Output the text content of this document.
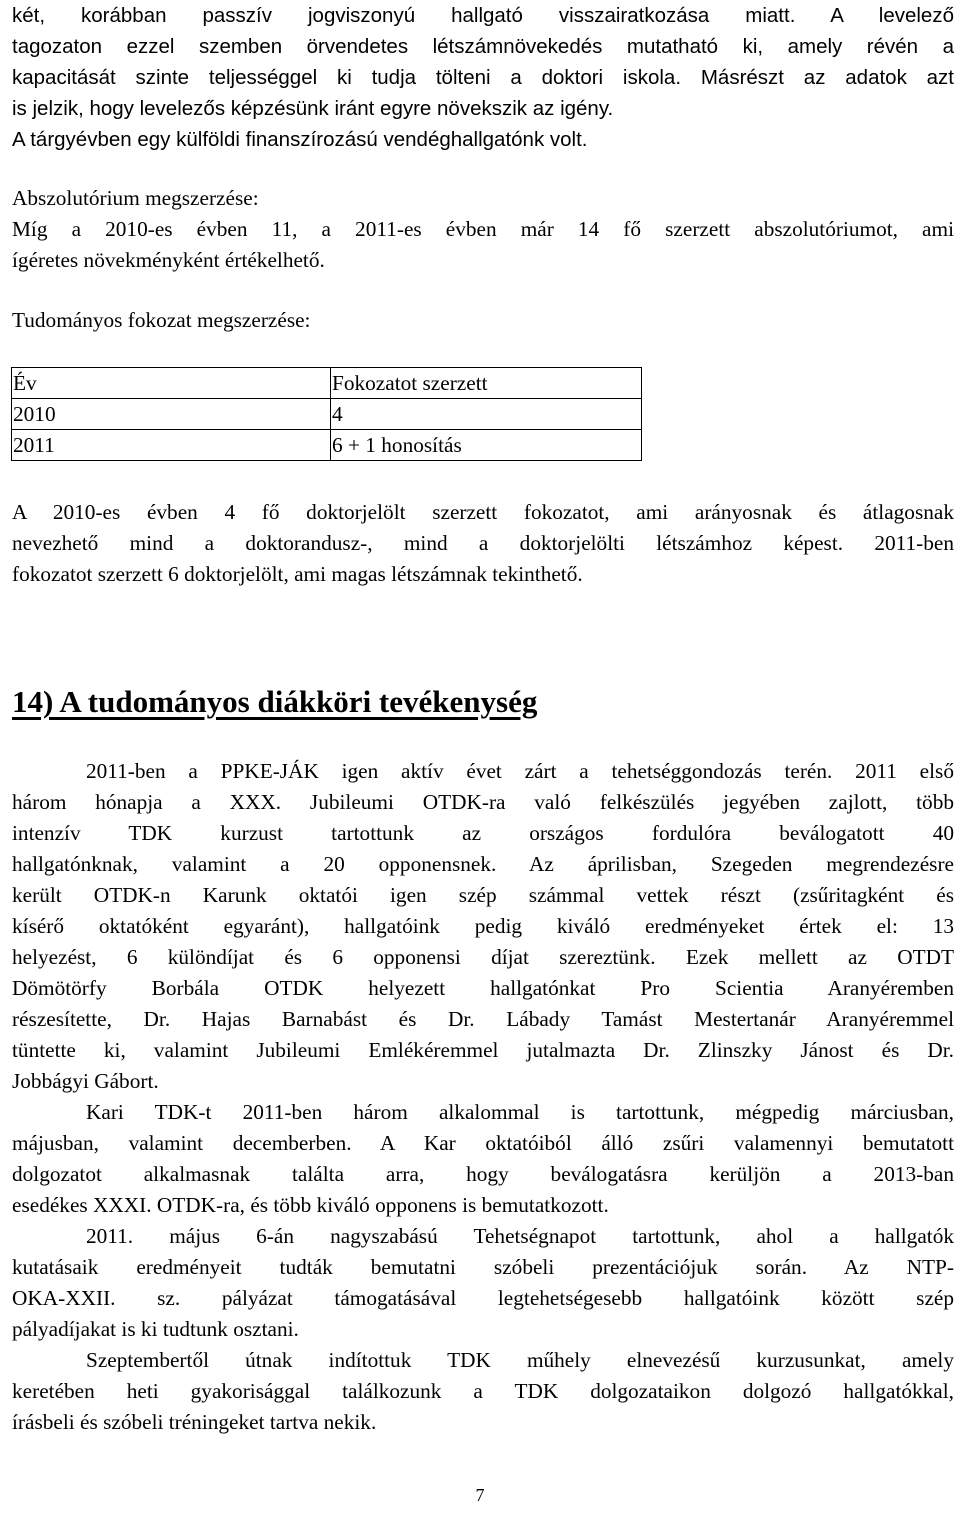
két, korábban passzív jogviszonyú hallgató visszairatkozása miatt. A levelező

tagozaton ezzel szemben örvendetes létszámnövekedés mutatható ki, amely révén a

kapacitását szinte teljességgel ki tudja tölteni a doktori iskola. Másrészt az adatok azt

is jelzik, hogy levelezős képzésünk iránt egyre növekszik az igény.

A tárgyévben egy külföldi finanszírozású vendéghallgatónk volt.

Abszolutórium megszerzése:

Míg a 2010-es évben 11, a 2011-es évben már 14 fő szerzett abszolutóriumot, ami

ígéretes növekményként értékelhető.

Tudományos fokozat megszerzése:

Év	Fokozatot szerzett
2010	4
2011	6 + 1 honosítás

A 2010-es évben 4 fő doktorjelölt szerzett fokozatot, ami arányosnak és átlagosnak

nevezhető mind a doktorandusz-, mind a doktorjelölti létszámhoz képest. 2011-ben

fokozatot szerzett 6 doktorjelölt, ami magas létszámnak tekinthető.

14) A tudományos diákköri tevékenység

2011-ben a PPKE-JÁK igen aktív évet zárt a tehetséggondozás terén. 2011 első

három hónapja a XXX. Jubileumi OTDK-ra való felkészülés jegyében zajlott, több

intenzív TDK kurzust tartottunk az országos fordulóra beválogatott 40

hallgatónknak, valamint a 20 opponensnek. Az áprilisban, Szegeden megrendezésre

került OTDK-n Karunk oktatói igen szép számmal vettek részt (zsűritagként és

kísérő oktatóként egyaránt), hallgatóink pedig kiváló eredményeket értek el: 13

helyezést, 6 különdíjat és 6 opponensi díjat szereztünk. Ezek mellett az OTDT

Dömötörfy Borbála OTDK helyezett hallgatónkat Pro Scientia Aranyéremben

részesítette, Dr. Hajas Barnabást és Dr. Lábady Tamást Mestertanár Aranyéremmel

tüntette ki, valamint Jubileumi Emlékéremmel jutalmazta Dr. Zlinszky Jánost és Dr.

Jobbágyi Gábort.

Kari TDK-t 2011-ben három alkalommal is tartottunk, mégpedig márciusban,

májusban, valamint decemberben. A Kar oktatóiból álló zsűri valamennyi bemutatott

dolgozatot alkalmasnak találta arra, hogy beválogatásra kerüljön a 2013-ban

esedékes XXXI. OTDK-ra, és több kiváló opponens is bemutatkozott.

2011. május 6-án nagyszabású Tehetségnapot tartottunk, ahol a hallgatók

kutatásaik eredményeit tudták bemutatni szóbeli prezentációjuk során. Az NTP-

OKA-XXII. sz. pályázat támogatásával legtehetségesebb hallgatóink között szép

pályadíjakat is ki tudtunk osztani.

Szeptembertől útnak indítottuk TDK műhely elnevezésű kurzusunkat, amely

keretében heti gyakorisággal találkozunk a TDK dolgozataikon dolgozó hallgatókkal,

írásbeli és szóbeli tréningeket tartva nekik.

7
